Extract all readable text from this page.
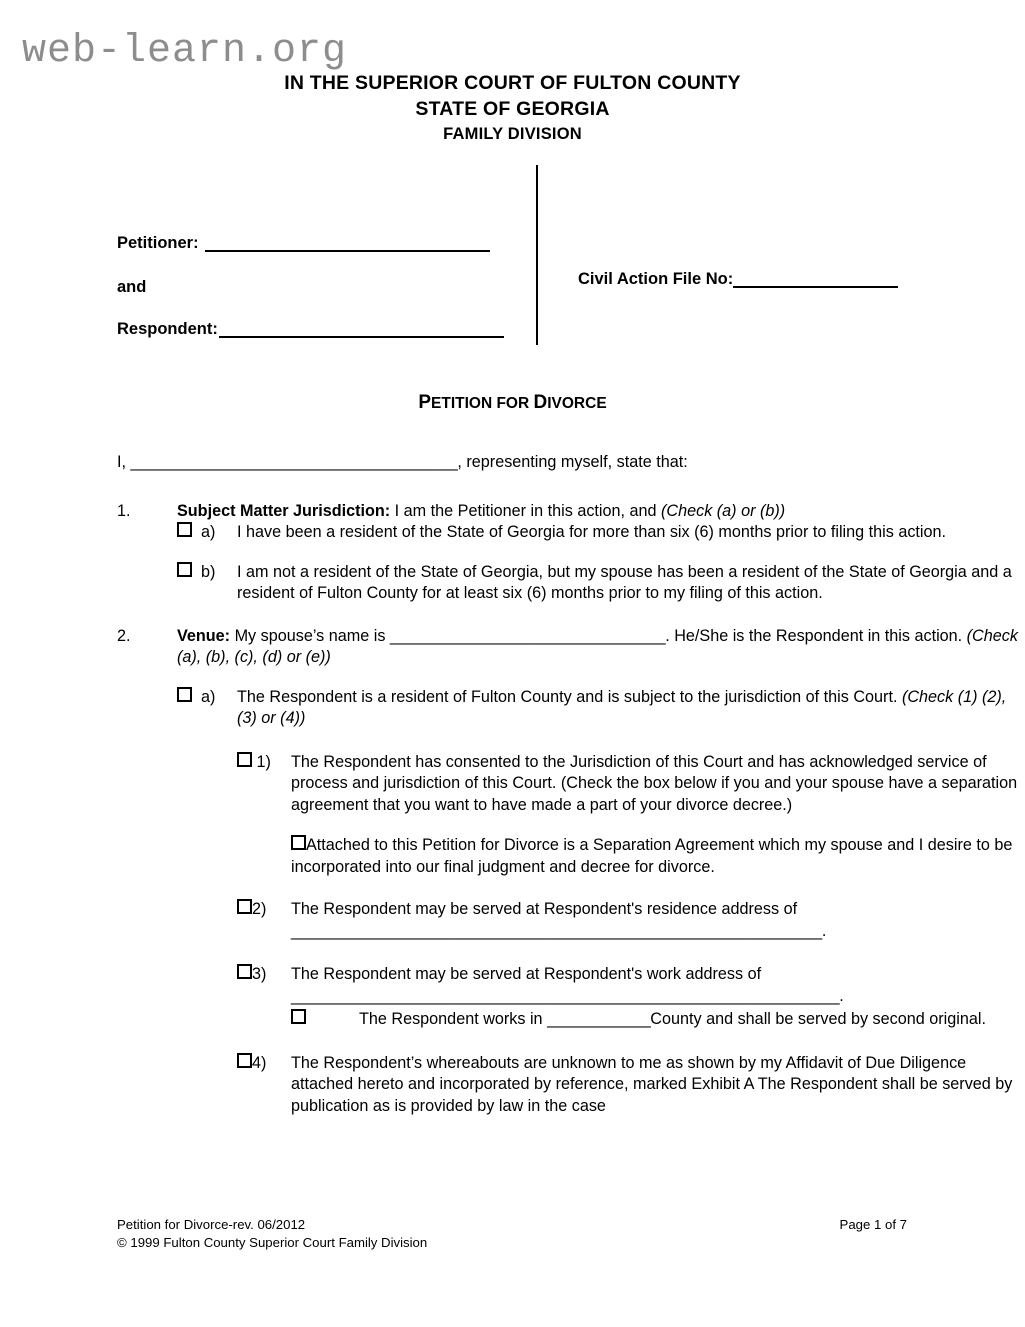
web-learn.org
IN THE SUPERIOR COURT OF FULTON COUNTY
STATE OF GEORGIA
FAMILY DIVISION
Petitioner:
and
Respondent:
Civil Action File No:
PETITION FOR DIVORCE
I, ______________________________________, representing myself, state that:
1.	Subject Matter Jurisdiction: I am the Petitioner in this action, and (Check (a) or (b))
a)	I have been a resident of the State of Georgia for more than six (6) months prior to filing this action.
b)	I am not a resident of the State of Georgia, but my spouse has been a resident of the State of Georgia and a resident of Fulton County for at least six (6) months prior to my filing of this action.
2.	Venue: My spouse’s name is ________________________________. He/She is the Respondent in this action. (Check (a), (b), (c), (d) or (e))
a)	The Respondent is a resident of Fulton County and is subject to the jurisdiction of this Court. (Check (1) (2), (3) or (4))
1)	The Respondent has consented to the Jurisdiction of this Court and has acknowledged service of process and jurisdiction of this Court. (Check the box below if you and your spouse have a separation agreement that you want to have made a part of your divorce decree.)
Attached to this Petition for Divorce is a Separation Agreement which my spouse and I desire to be incorporated into our final judgment and decree for divorce.
2)	The Respondent may be served at Respondent's residence address of
_____________________________________________________________.
3)	The Respondent may be served at Respondent's work address of
_______________________________________________________________.
The Respondent works in ____________County and shall be served by second original.
4)	The Respondent’s whereabouts are unknown to me as shown by my Affidavit of Due Diligence attached hereto and incorporated by reference, marked Exhibit A The Respondent shall be served by publication as is provided by law in the case
Page 1 of 7
Petition for Divorce-rev. 06/2012
© 1999 Fulton County Superior Court Family Division
